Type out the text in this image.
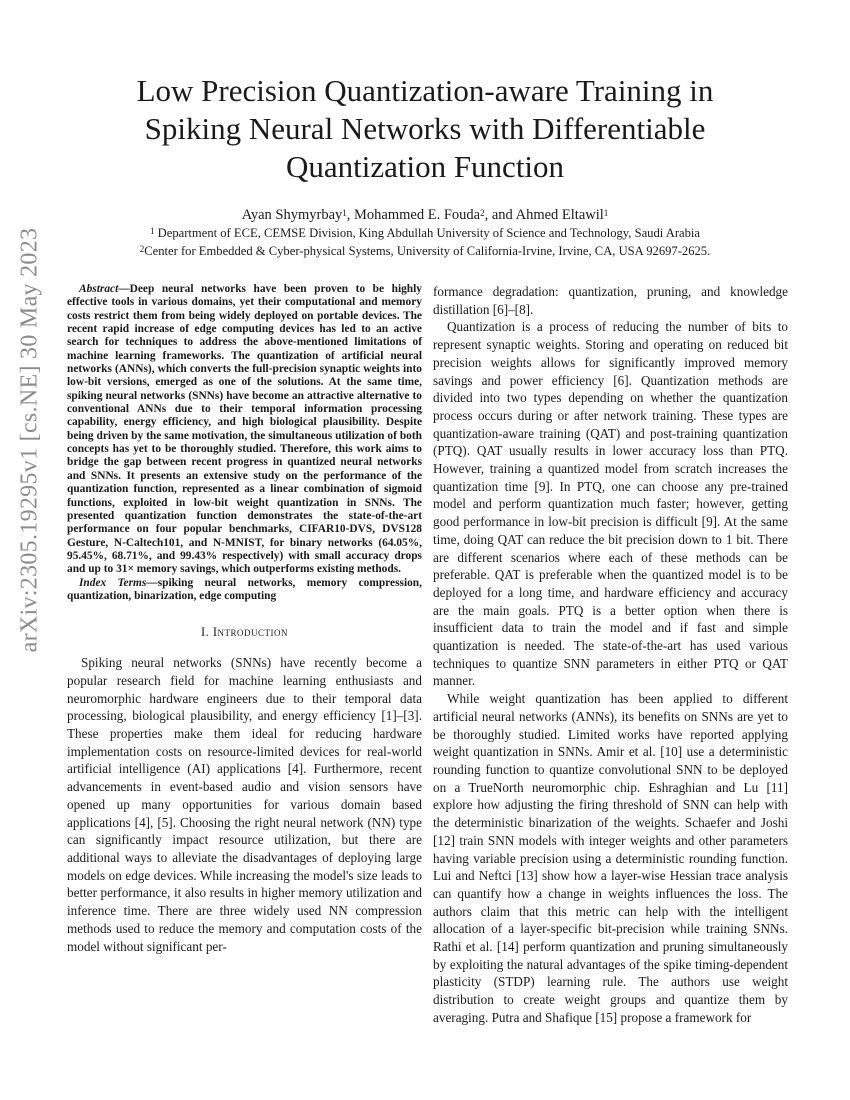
arXiv:2305.19295v1 [cs.NE] 30 May 2023
Low Precision Quantization-aware Training in
Spiking Neural Networks with Differentiable
Quantization Function
Ayan Shymyrbay$^1$, Mohammed E. Fouda$^2$, and Ahmed Eltawil$^1$
$^1$ Department of ECE, CEMSE Division, King Abdullah University of Science and Technology, Saudi Arabia
$^2$Center for Embedded & Cyber-physical Systems, University of California-Irvine, Irvine, CA, USA 92697-2625.

Abstract—Deep neural networks have been proven to be highly effective tools in various domains, yet their computational and memory costs restrict them from being widely deployed on portable devices. The recent rapid increase of edge computing devices has led to an active search for techniques to address the above-mentioned limitations of machine learning frameworks. The quantization of artificial neural networks (ANNs), which converts the full-precision synaptic weights into low-bit versions, emerged as one of the solutions. At the same time, spiking neural networks (SNNs) have become an attractive alternative to conventional ANNs due to their temporal information processing capability, energy efficiency, and high biological plausibility. Despite being driven by the same motivation, the simultaneous utilization of both concepts has yet to be thoroughly studied. Therefore, this work aims to bridge the gap between recent progress in quantized neural networks and SNNs. It presents an extensive study on the performance of the quantization function, represented as a linear combination of sigmoid functions, exploited in low-bit weight quantization in SNNs. The presented quantization function demonstrates the state-of-the-art performance on four popular benchmarks, CIFAR10-DVS, DVS128 Gesture, N-Caltech101, and N-MNIST, for binary networks (64.05%, 95.45%, 68.71%, and 99.43% respectively) with small accuracy drops and up to 31× memory savings, which outperforms existing methods.

Index Terms—spiking neural networks, memory compression, quantization, binarization, edge computing

I. Introduction

Spiking neural networks (SNNs) have recently become a popular research field for machine learning enthusiasts and neuromorphic hardware engineers due to their temporal data processing, biological plausibility, and energy efficiency [1]–[3]. These properties make them ideal for reducing hardware implementation costs on resource-limited devices for real-world artificial intelligence (AI) applications [4]. Furthermore, recent advancements in event-based audio and vision sensors have opened up many opportunities for various domain based applications [4], [5]. Choosing the right neural network (NN) type can significantly impact resource utilization, but there are additional ways to alleviate the disadvantages of deploying large models on edge devices. While increasing the model's size leads to better performance, it also results in higher memory utilization and inference time. There are three widely used NN compression methods used to reduce the memory and computation costs of the model without significant per-

formance degradation: quantization, pruning, and knowledge distillation [6]–[8].

Quantization is a process of reducing the number of bits to represent synaptic weights. Storing and operating on reduced bit precision weights allows for significantly improved memory savings and power efficiency [6]. Quantization methods are divided into two types depending on whether the quantization process occurs during or after network training. These types are quantization-aware training (QAT) and post-training quantization (PTQ). QAT usually results in lower accuracy loss than PTQ. However, training a quantized model from scratch increases the quantization time [9]. In PTQ, one can choose any pre-trained model and perform quantization much faster; however, getting good performance in low-bit precision is difficult [9]. At the same time, doing QAT can reduce the bit precision down to 1 bit. There are different scenarios where each of these methods can be preferable. QAT is preferable when the quantized model is to be deployed for a long time, and hardware efficiency and accuracy are the main goals. PTQ is a better option when there is insufficient data to train the model and if fast and simple quantization is needed. The state-of-the-art has used various techniques to quantize SNN parameters in either PTQ or QAT manner.

While weight quantization has been applied to different artificial neural networks (ANNs), its benefits on SNNs are yet to be thoroughly studied. Limited works have reported applying weight quantization in SNNs. Amir et al. [10] use a deterministic rounding function to quantize convolutional SNN to be deployed on a TrueNorth neuromorphic chip. Eshraghian and Lu [11] explore how adjusting the firing threshold of SNN can help with the deterministic binarization of the weights. Schaefer and Joshi [12] train SNN models with integer weights and other parameters having variable precision using a deterministic rounding function. Lui and Neftci [13] show how a layer-wise Hessian trace analysis can quantify how a change in weights influences the loss. The authors claim that this metric can help with the intelligent allocation of a layer-specific bit-precision while training SNNs. Rathi et al. [14] perform quantization and pruning simultaneously by exploiting the natural advantages of the spike timing-dependent plasticity (STDP) learning rule. The authors use weight distribution to create weight groups and quantize them by averaging. Putra and Shafique [15] propose a framework for
